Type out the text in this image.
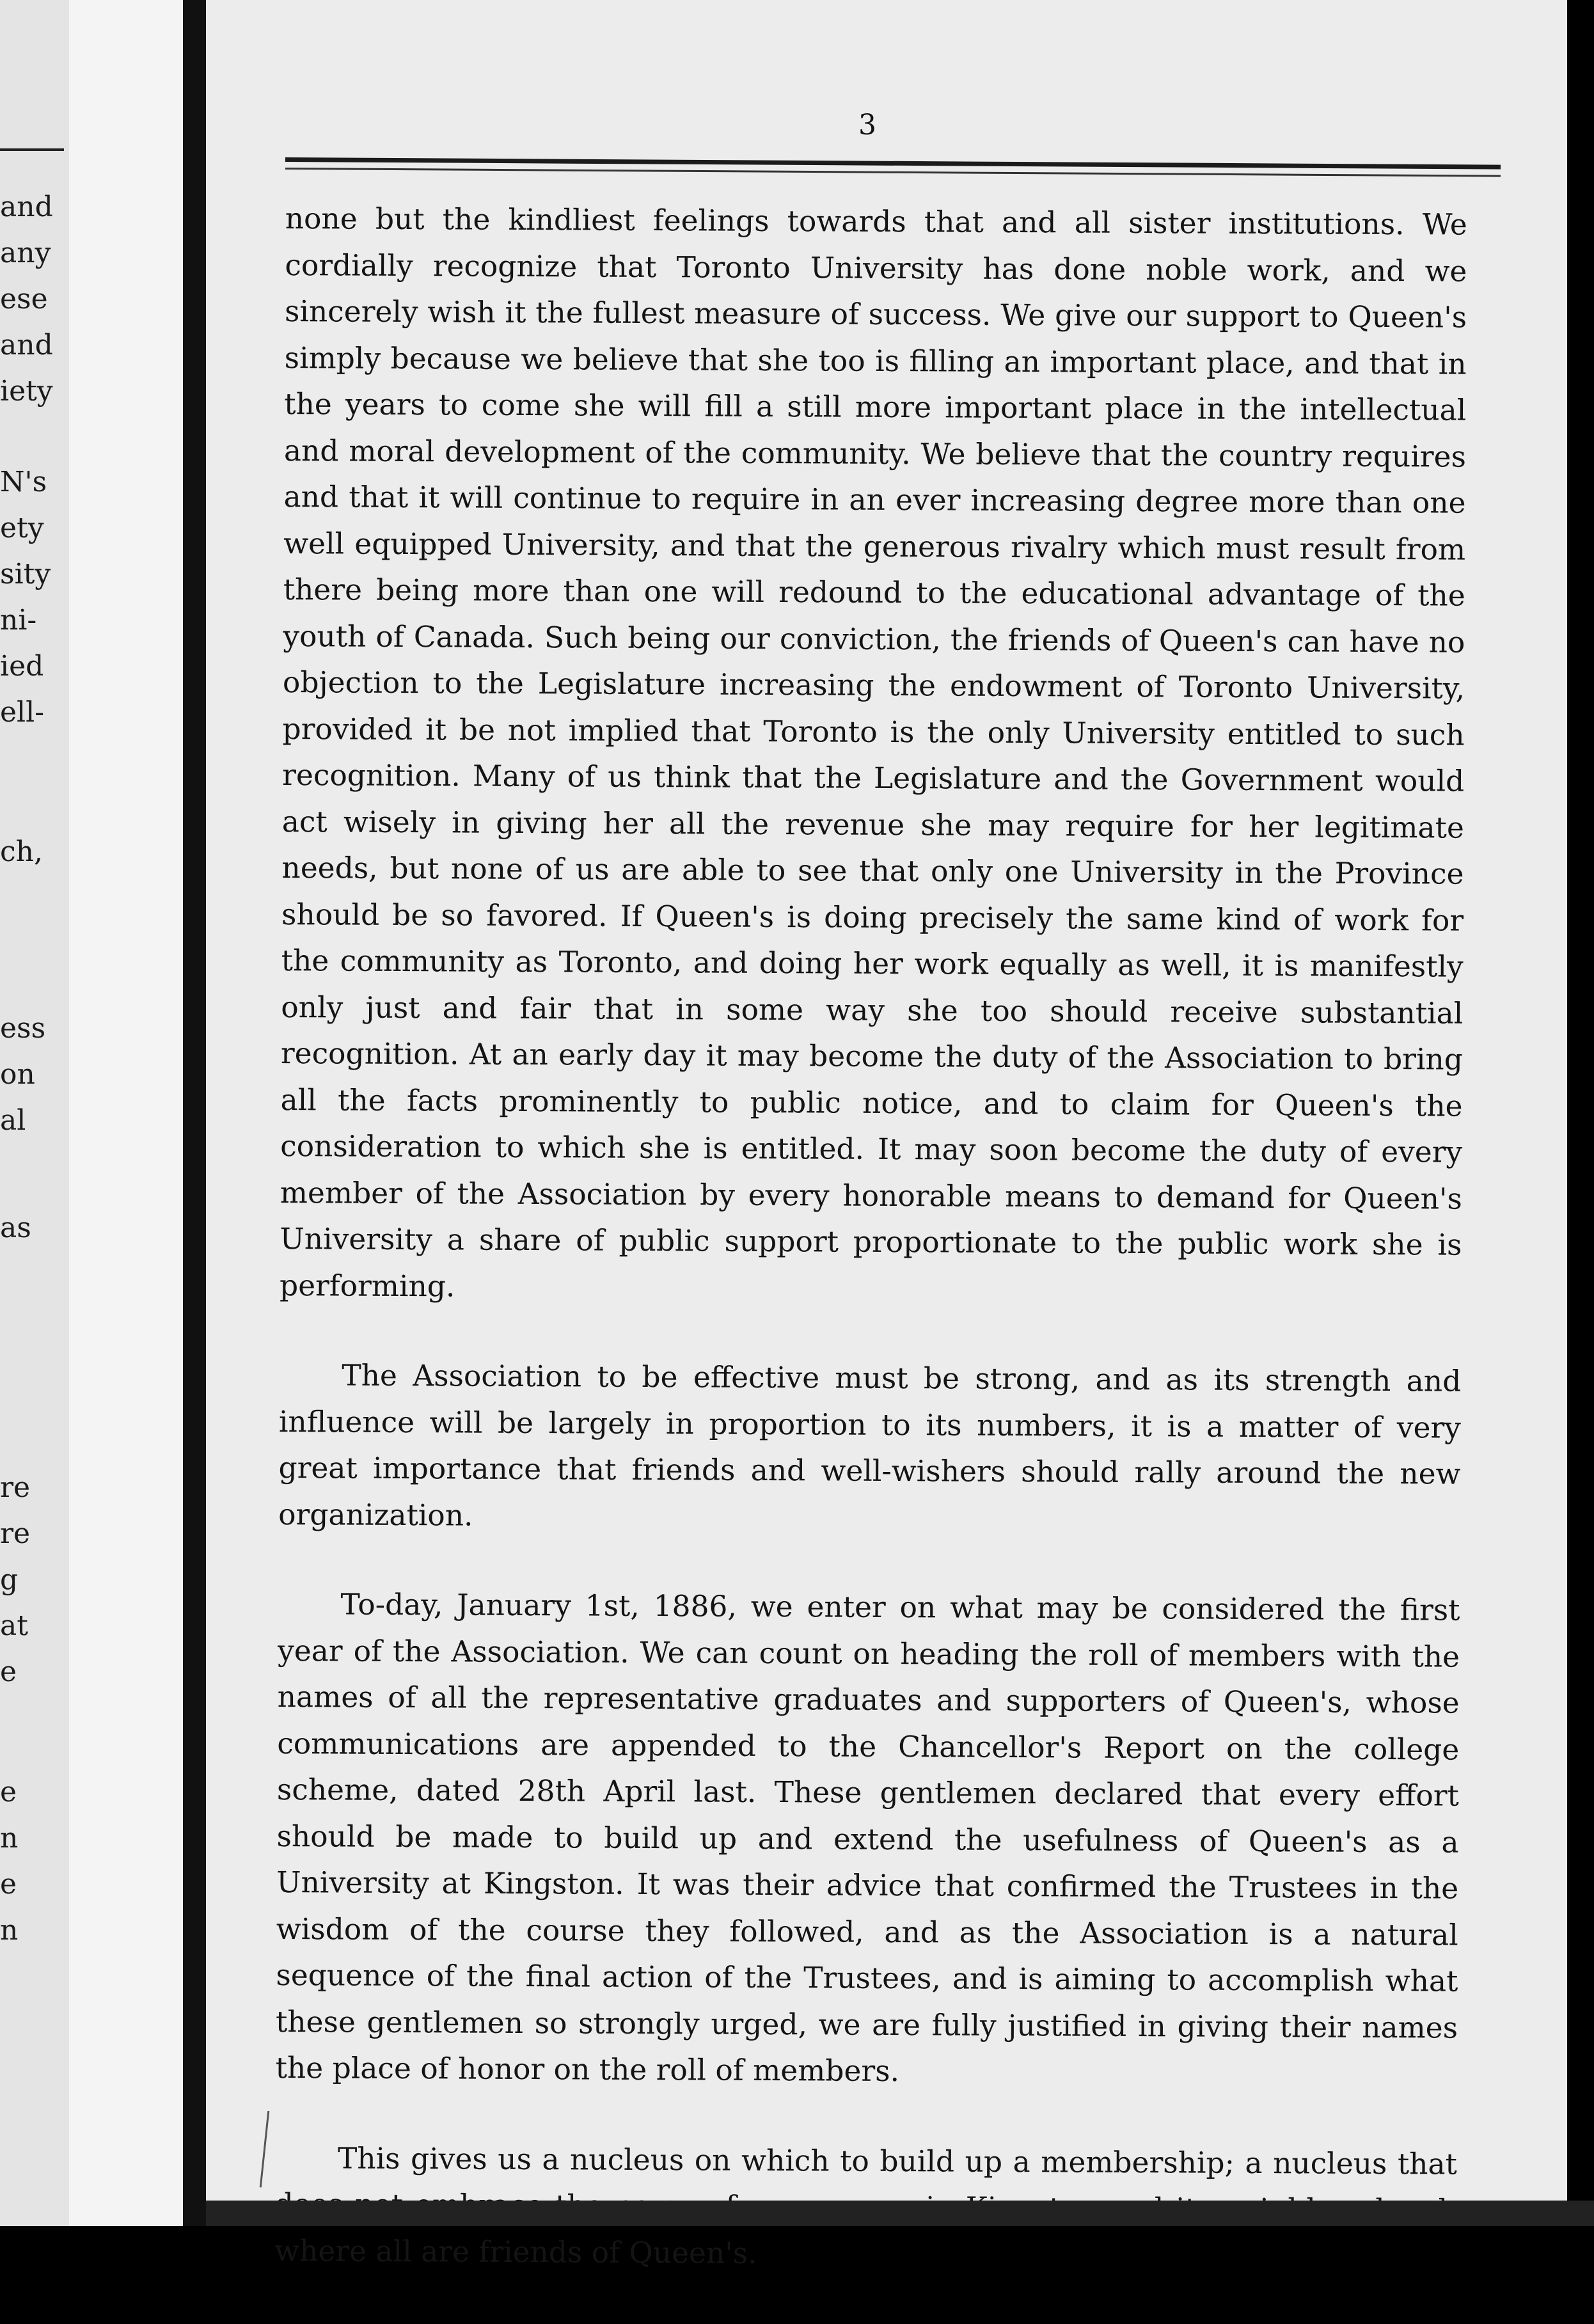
and
any
ese
and
iety
N's
ety
sity
ni-
ied
ell-
ch,
ess
on
al
as
re
re
g
at
e
e
n
e
n
3

none but the kindliest feelings towards that and all sister institutions. We cordially recognize that Toronto University has done noble work, and we sincerely wish it the fullest measure of success. We give our support to Queen's simply because we believe that she too is filling an important place, and that in the years to come she will fill a still more important place in the intellectual and moral development of the community. We believe that the country requires and that it will continue to require in an ever increasing degree more than one well equipped University, and that the generous rivalry which must result from there being more than one will redound to the educational advantage of the youth of Canada. Such being our conviction, the friends of Queen's can have no objection to the Legislature increasing the endowment of Toronto University, provided it be not implied that Toronto is the only University entitled to such recognition. Many of us think that the Legislature and the Government would act wisely in giving her all the revenue she may require for her legitimate needs, but none of us are able to see that only one University in the Province should be so favored. If Queen's is doing precisely the same kind of work for the community as Toronto, and doing her work equally as well, it is manifestly only just and fair that in some way she too should receive substantial recognition. At an early day it may become the duty of the Association to bring all the facts prominently to public notice, and to claim for Queen's the consideration to which she is entitled. It may soon become the duty of every member of the Association by every honorable means to demand for Queen's University a share of public support proportionate to the public work she is performing.

The Association to be effective must be strong, and as its strength and influence will be largely in proportion to its numbers, it is a matter of very great importance that friends and well-wishers should rally around the new organization.

To-day, January 1st, 1886, we enter on what may be considered the first year of the Association. We can count on heading the roll of members with the names of all the representative graduates and supporters of Queen's, whose communications are appended to the Chancellor's Report on the college scheme, dated 28th April last. These gentlemen declared that every effort should be made to build up and extend the usefulness of Queen's as a University at Kingston. It was their advice that confirmed the Trustees in the wisdom of the course they followed, and as the Association is a natural sequence of the final action of the Trustees, and is aiming to accomplish what these gentlemen so strongly urged, we are fully justified in giving their names the place of honor on the roll of members.

This gives us a nucleus on which to build up a membership; a nucleus that where all are friends of Queen's.
